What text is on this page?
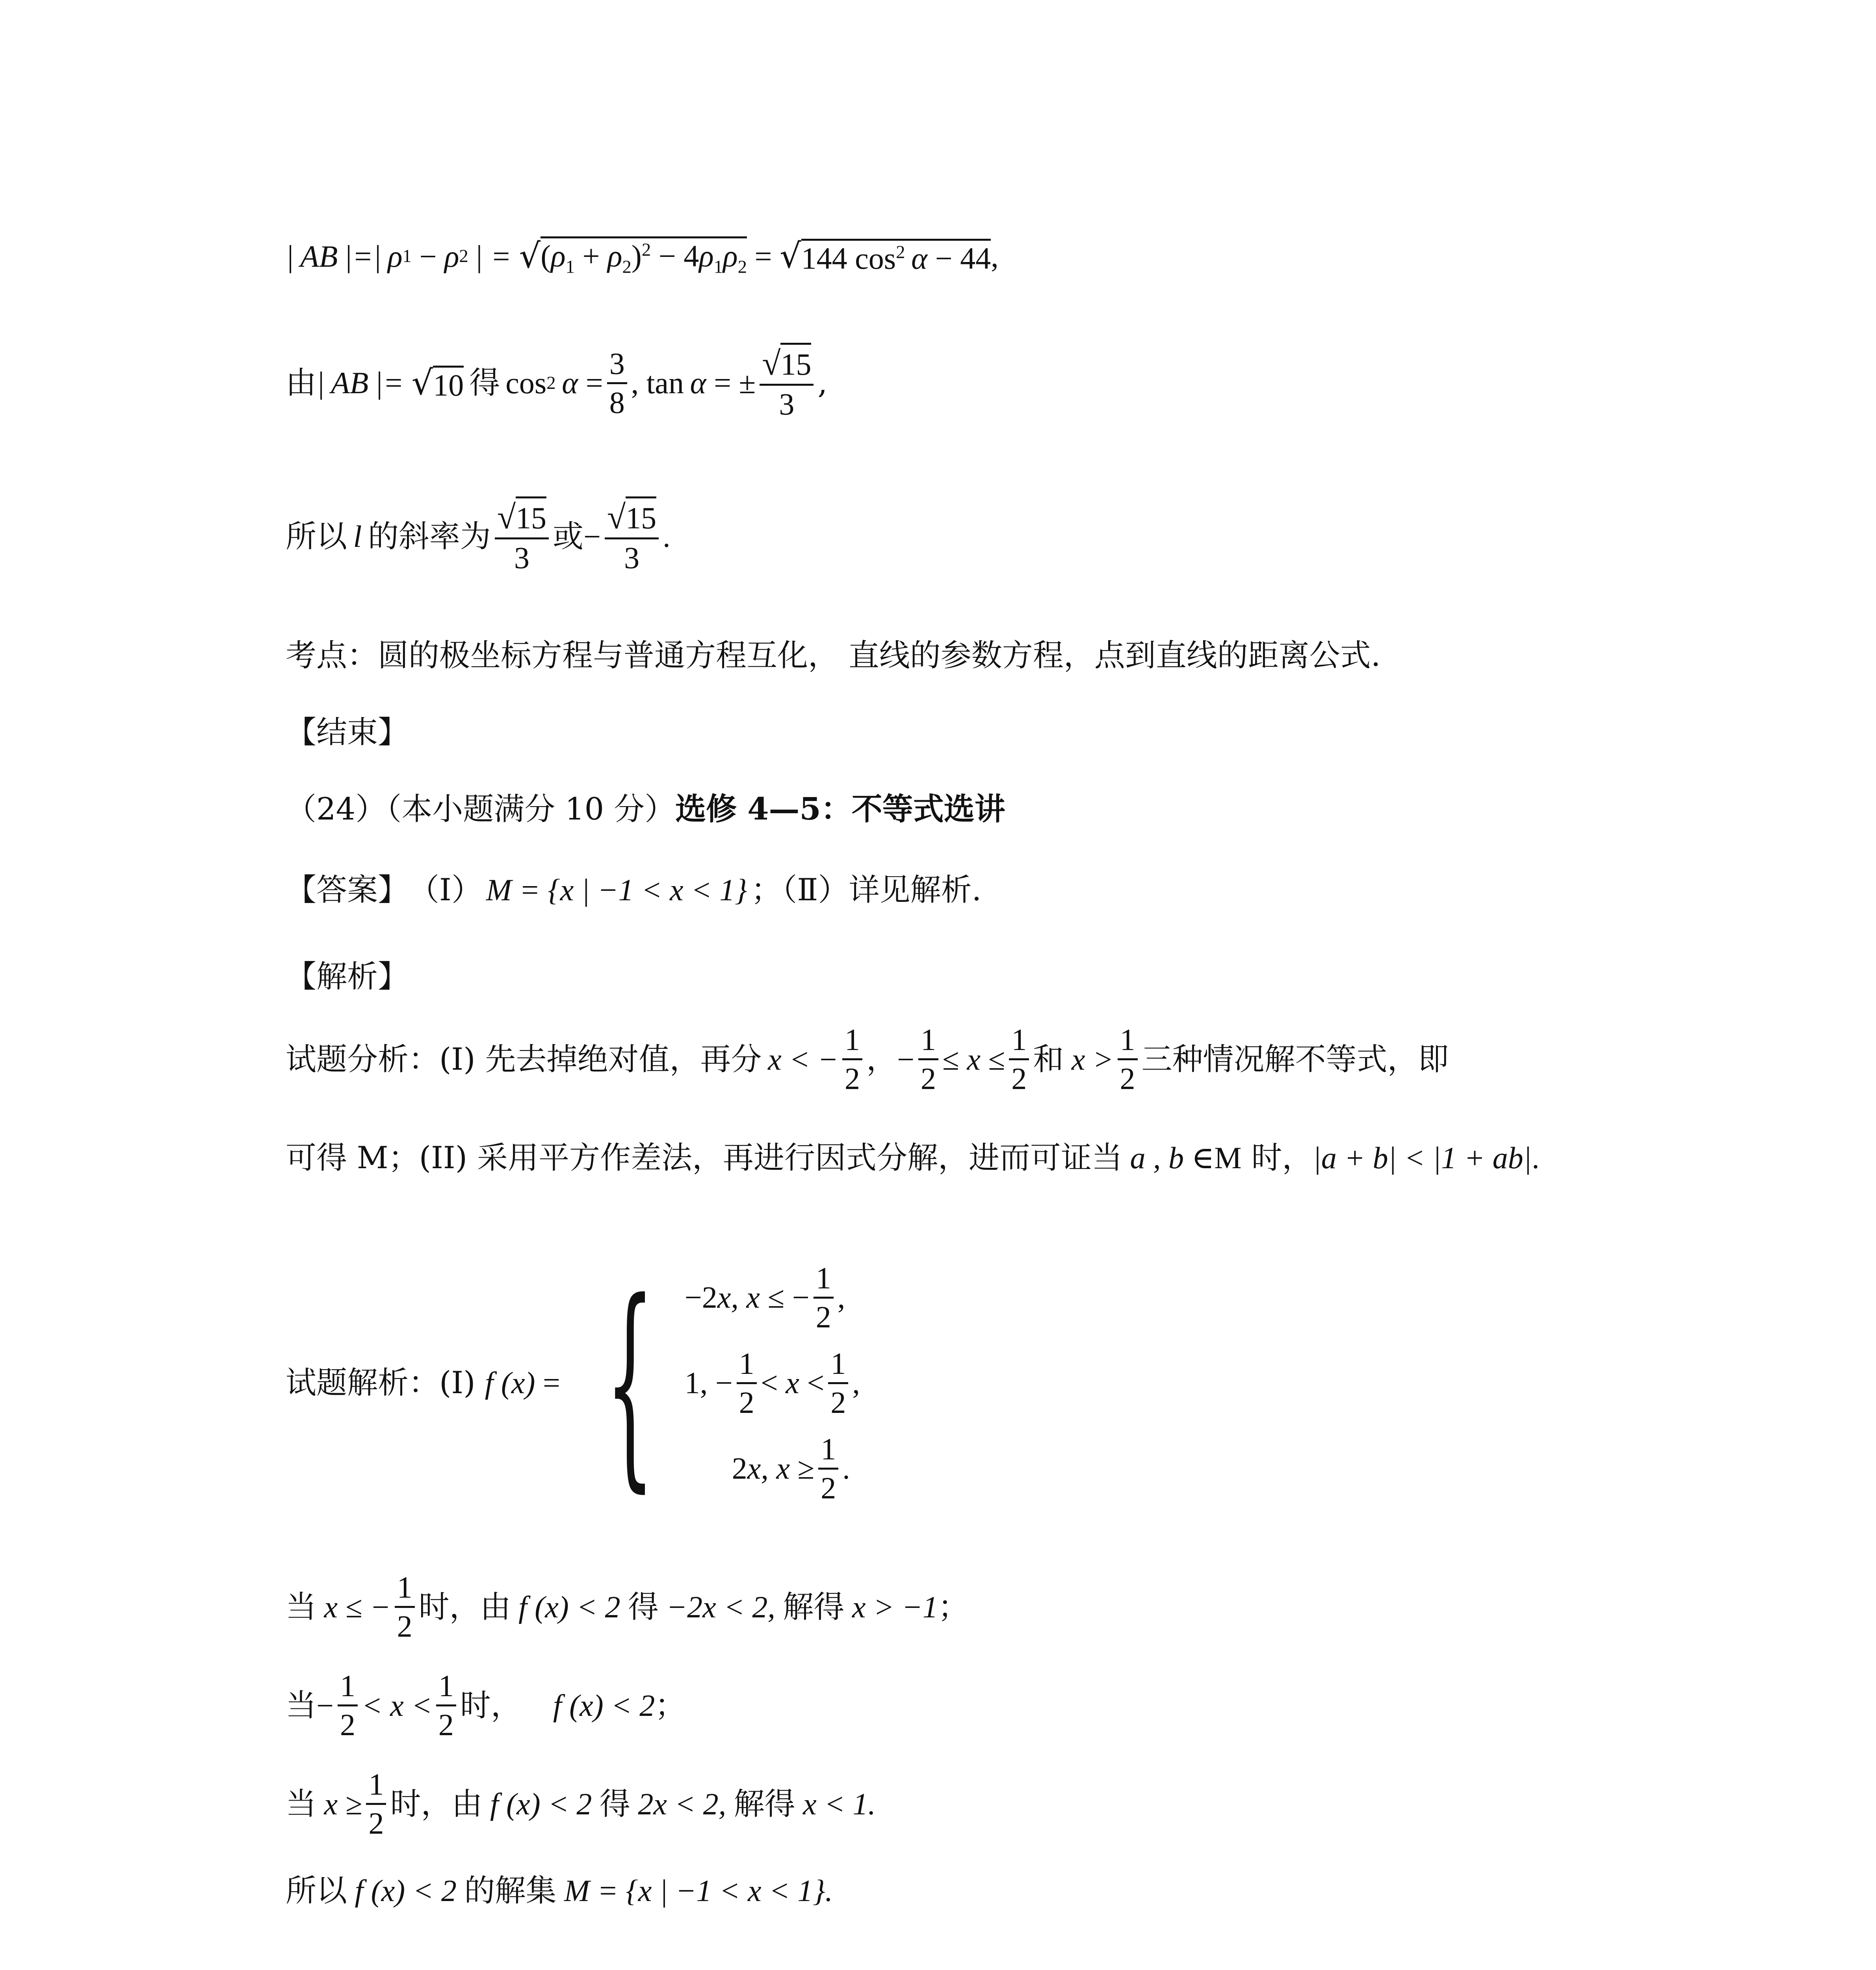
| AB |=| ρ 1 − ρ 2  | = √ $(\rho_1 + \rho_2)^2 - 4\rho_1\rho_2$ = √ 144 $\cos^2 \alpha - 44$ ,
由 | AB |= √ 10 得 cos 2  $\alpha = \frac{3}{8}$ , tan  α = ± $\frac{√15}{3}$ ,
所以  l  的斜率为 $\frac{√15}{3}$ 或 − $\frac{√15}{3}$ .
考点：圆的极坐标方程与普通方程互化， 直线的参数方程，点到直线的距离公式.
【结束】
（24）（本小题满分 10 分） 选修 4—5：不等式选讲
【答案】 （Ⅰ） M = {x | −1 < x < 1} ；（Ⅱ）详见解析.
【解析】
试题分析：(I) 先去掉绝对值，再分  x < − $\frac{1}{2}$ ， − $\frac{1}{2} \le x \le \frac{1}{2}$ 和 $x > \frac{1}{2}$ 三种情况解不等式，即
可得 M；(II) 采用平方作差法，再进行因式分解，进而可证当 a , b ∈ M
时， |a + b| < |1 + ab| .
试题解析：(I) f (x) = { −2 x, x ≤ − $\frac{1}{2}$ ,
1, − $\frac{1}{2} < x < \frac{1}{2}$ ,
2 x, $x \ge \frac{1}{2}$ .
当 x ≤ − $\frac{1}{2}$ 时，由 f (x) < 2 得 −2x < 2, 解得 x > −1 ；
当 − $\frac{1}{2} < x < \frac{1}{2}$ 时， f (x) < 2 ；
当 $x \ge \frac{1}{2}$ 时，由 f (x) < 2 得 2x < 2, 解得 x < 1.
所以 f (x) < 2 的解集 M = {x | −1 < x < 1}.
